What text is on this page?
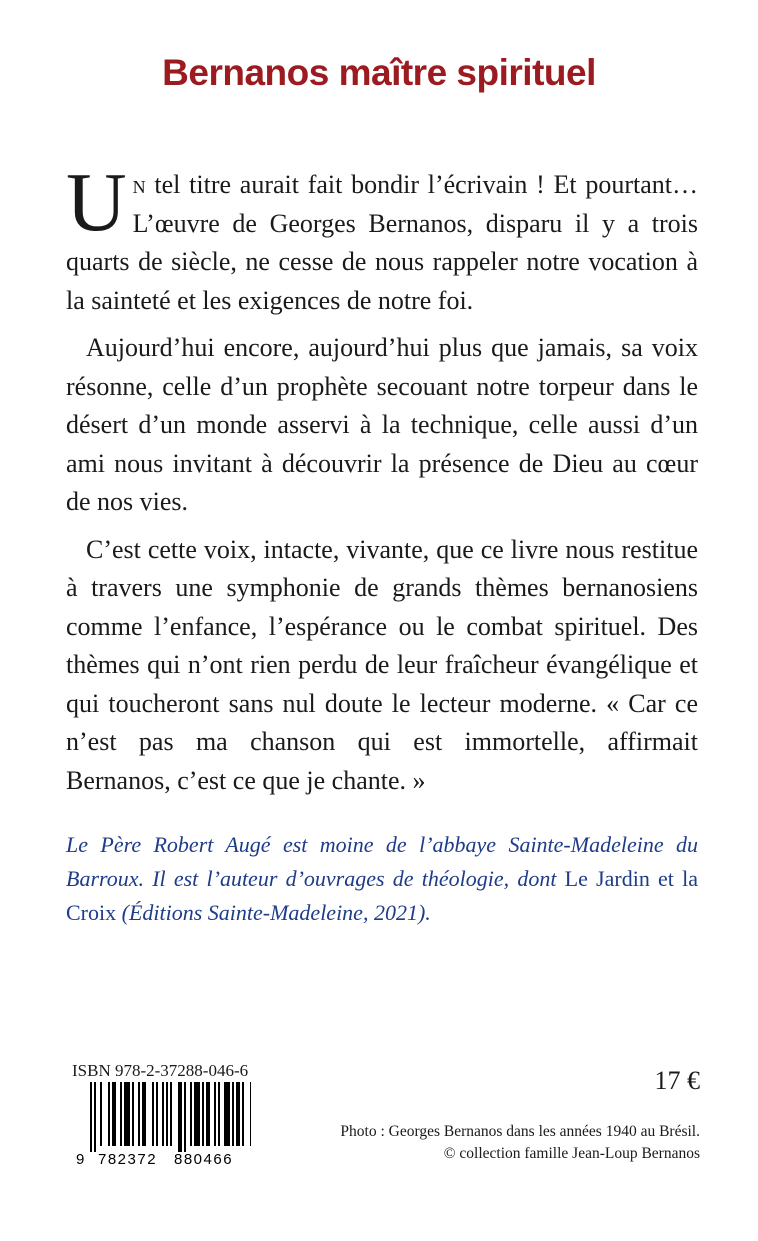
Bernanos maître spirituel

Un tel titre aurait fait bondir l’écrivain ! Et pourtant…L’œuvre de Georges Bernanos, disparu il y a trois quarts de siècle, ne cesse de nous rappeler notre vocation à la sainteté et les exigences de notre foi.

Aujourd’hui encore, aujourd’hui plus que jamais, sa voix résonne, celle d’un prophète secouant notre torpeur dans le désert d’un monde asservi à la technique, celle aussi d’un ami nous invitant à découvrir la présence de Dieu au cœur de nos vies.

C’est cette voix, intacte, vivante, que ce livre nous restitue à travers une symphonie de grands thèmes bernanosiens comme l’enfance, l’espérance ou le combat spirituel. Des thèmes qui n’ont rien perdu de leur fraîcheur évangélique et qui toucheront sans nul doute le lecteur moderne. « Car ce n’est pas ma chanson qui est immortelle, affirmait Bernanos, c’est ce que je chante. »

Le Père Robert Augé est moine de l’abbaye Sainte-Madeleine du Barroux. Il est l’auteur d’ouvrages de théologie, dont Le Jardin et la Croix (Éditions Sainte-Madeleine, 2021).
ISBN 978-2-37288-046-6
9 782372 880466
17 €
Photo : Georges Bernanos dans les années 1940 au Brésil.
© collection famille Jean-Loup Bernanos
